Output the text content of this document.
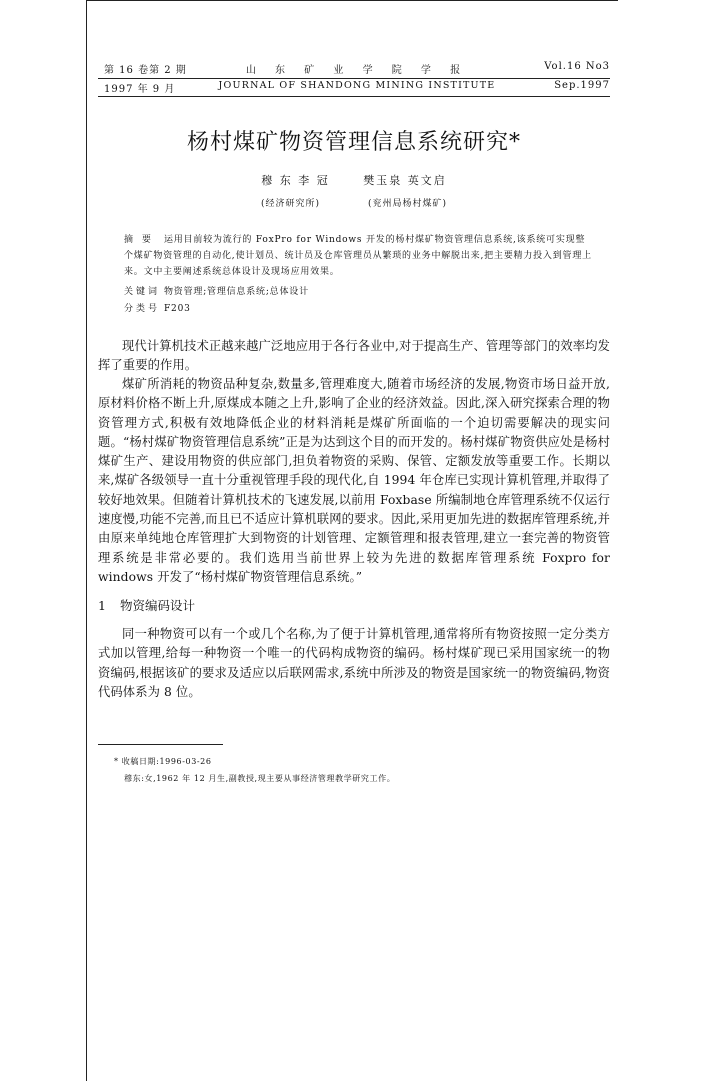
第 16 卷第 2 期	山 东 矿 业 学 院 学 报	Vol.16 No3
1997 年 9 月	JOURNAL OF SHANDONG MINING INSTITUTE	Sep.1997
杨村煤矿物资管理信息系统研究*
穆 东 李 冠	樊玉泉 英文启
(经济研究所)	(兖州局杨村煤矿)
摘 要 运用目前较为流行的 FoxPro for Windows 开发的杨村煤矿物资管理信息系统,该系统可实现整个煤矿物资管理的自动化,使计划员、统计员及仓库管理员从繁琐的业务中解脱出来,把主要精力投入到管理上来。文中主要阐述系统总体设计及现场应用效果。
关键词 物资管理;管理信息系统;总体设计
分类号 F203

现代计算机技术正越来越广泛地应用于各行各业中,对于提高生产、管理等部门的效率均发挥了重要的作用。

煤矿所消耗的物资品种复杂,数量多,管理难度大,随着市场经济的发展,物资市场日益开放,原材料价格不断上升,原煤成本随之上升,影响了企业的经济效益。因此,深入研究探索合理的物资管理方式,积极有效地降低企业的材料消耗是煤矿所面临的一个迫切需要解决的现实问题。“杨村煤矿物资管理信息系统”正是为达到这个目的而开发的。杨村煤矿物资供应处是杨村煤矿生产、建设用物资的供应部门,担负着物资的采购、保管、定额发放等重要工作。长期以来,煤矿各级领导一直十分重视管理手段的现代化,自 1994 年仓库已实现计算机管理,并取得了较好地效果。但随着计算机技术的飞速发展,以前用 Foxbase 所编制地仓库管理系统不仅运行速度慢,功能不完善,而且已不适应计算机联网的要求。因此,采用更加先进的数据库管理系统,并由原来单纯地仓库管理扩大到物资的计划管理、定额管理和报表管理,建立一套完善的物资管理系统是非常必要的。我们选用当前世界上较为先进的数据库管理系统 Foxpro for windows 开发了“杨村煤矿物资管理信息系统。”

1 物资编码设计

同一种物资可以有一个或几个名称,为了便于计算机管理,通常将所有物资按照一定分类方式加以管理,给每一种物资一个唯一的代码构成物资的编码。杨村煤矿现已采用国家统一的物资编码,根据该矿的要求及适应以后联网需求,系统中所涉及的物资是国家统一的物资编码,物资代码体系为 8 位。

* 收稿日期:1996-03-26
穆东:女,1962 年 12 月生,副教授,现主要从事经济管理教学研究工作。
